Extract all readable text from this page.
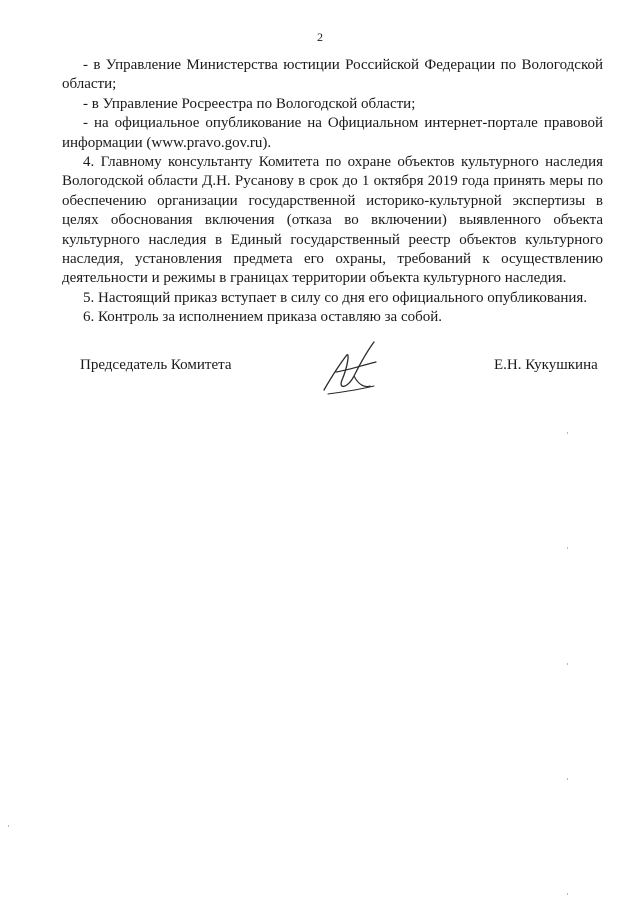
2

- в Управление Министерства юстиции Российской Федерации по Вологодской области;

- в Управление Росреестра по Вологодской области;

- на официальное опубликование на Официальном интернет-портале правовой информации (www.pravo.gov.ru).

4. Главному консультанту Комитета по охране объектов культурного наследия Вологодской области Д.Н. Русанову в срок до 1 октября 2019 года принять меры по обеспечению организации государственной историко-культурной экспертизы в целях обоснования включения (отказа во включении) выявленного объекта культурного наследия в Единый государственный реестр объектов культурного наследия, установления предмета его охраны, требований к осуществлению деятельности и режимы в границах территории объекта культурного наследия.

5. Настоящий приказ вступает в силу со дня его официального опубликования.

6. Контроль за исполнением приказа оставляю за собой.

Председатель Комитета	Е.Н. Кукушкина
